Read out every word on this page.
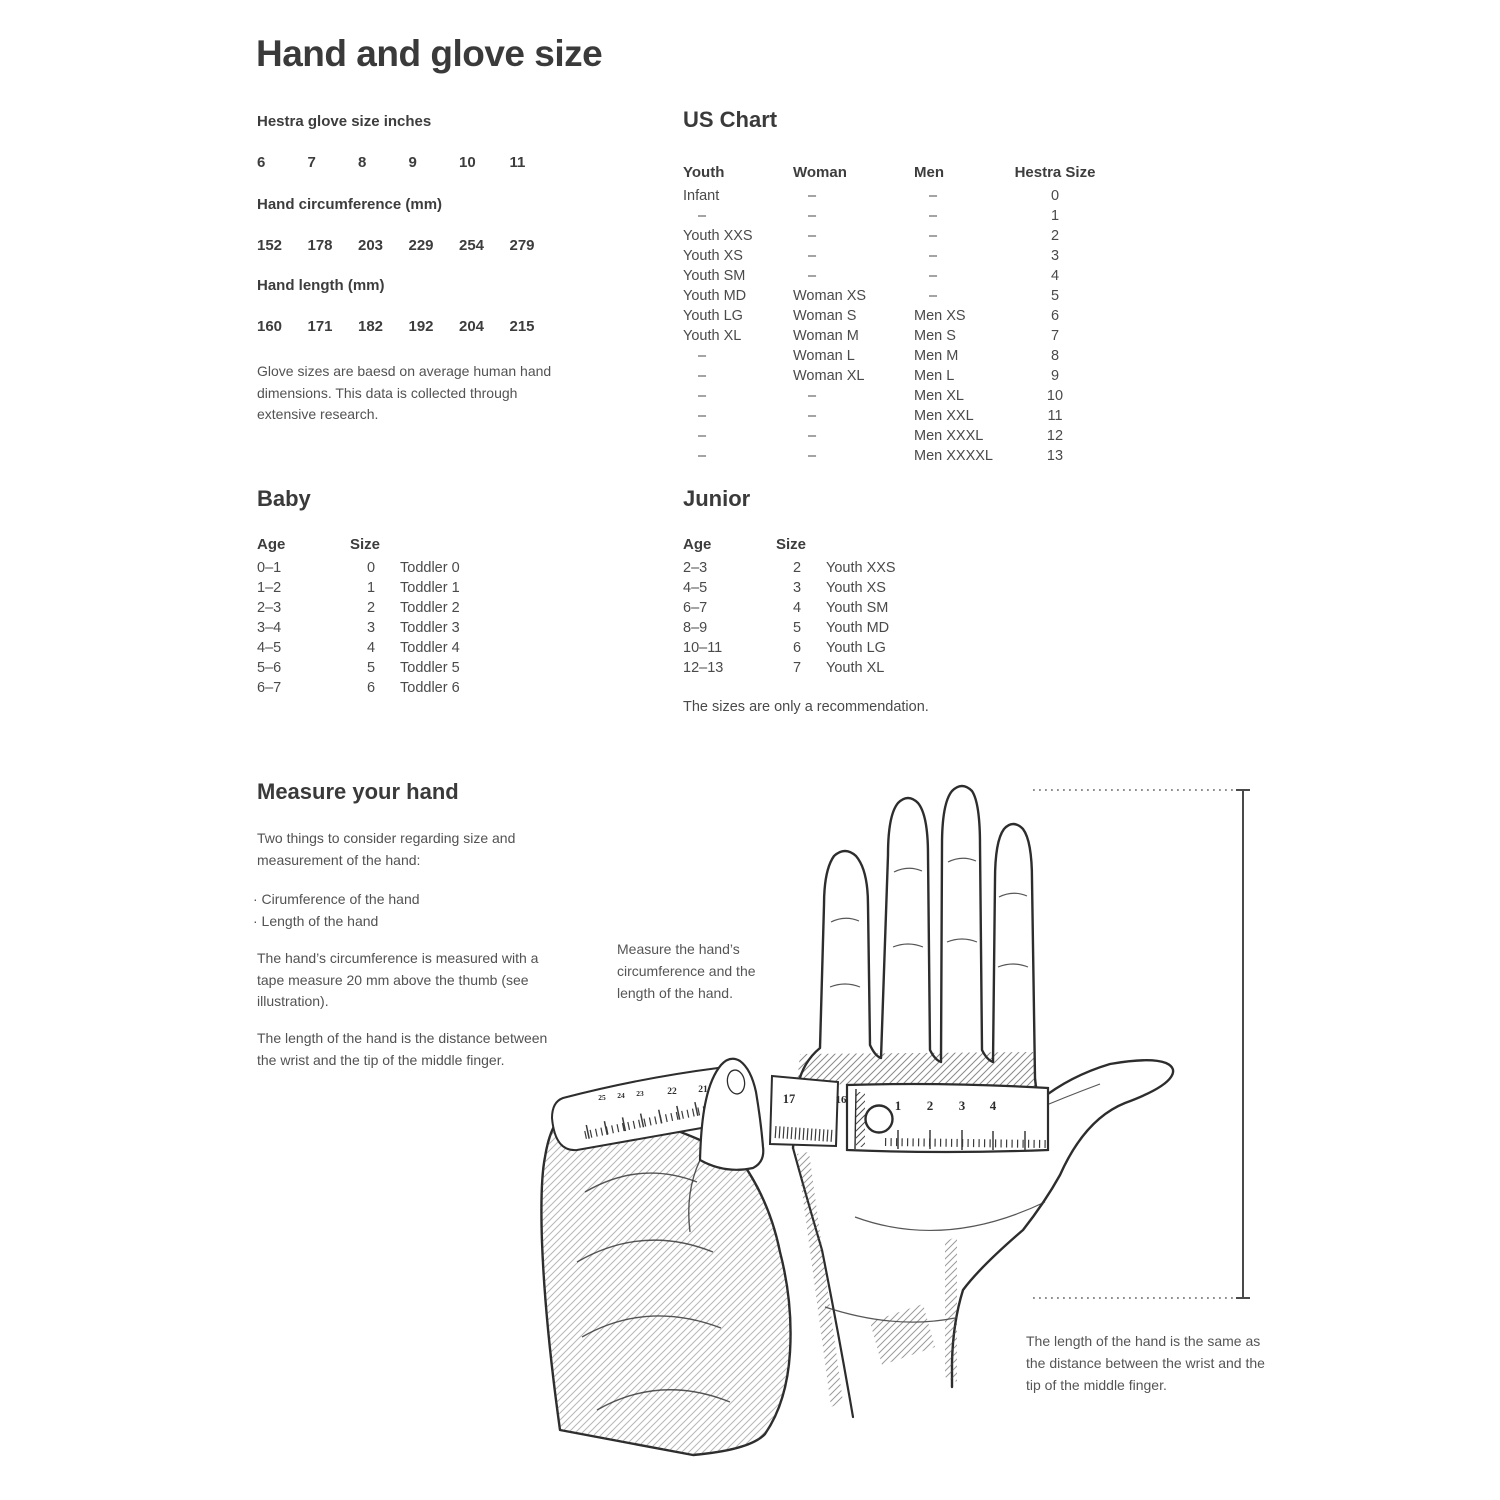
Hand and glove size
Hestra glove size inches
6	7	8	9	10	11
Hand circumference (mm)
152	178	203	229	254	279
Hand length (mm)
160	171	182	192	204	215
Glove sizes are baesd on average human hand dimensions. This data is collected through extensive research.
US Chart
Youth	Woman	Men	Hestra Size
Infant	–	–	0
–	–	–	1
Youth XXS	–	–	2
Youth XS	–	–	3
Youth SM	–	–	4
Youth MD	Woman XS	–	5
Youth LG	Woman S	Men XS	6
Youth XL	Woman M	Men S	7
–	Woman L	Men M	8
–	Woman XL	Men L	9
–	–	Men XL	10
–	–	Men XXL	11
–	–	Men XXXL	12
–	–	Men XXXXL	13
Baby
Age	Size	
0–1	0	Toddler 0
1–2	1	Toddler 1
2–3	2	Toddler 2
3–4	3	Toddler 3
4–5	4	Toddler 4
5–6	5	Toddler 5
6–7	6	Toddler 6
Junior
Age	Size	
2–3	2	Youth XXS
4–5	3	Youth XS
6–7	4	Youth SM
8–9	5	Youth MD
10–11	6	Youth LG
12–13	7	Youth XL
The sizes are only a recommendation.
Measure your hand
Two things to consider regarding size and measurement of the hand:
· Cirumference of the hand
· Length of the hand
The hand’s circumference is measured with a tape measure 20 mm above the thumb (see illustration).
The length of the hand is the distance between the wrist and the tip of the middle finger.
Measure the hand’s circumference and the length of the hand.
The length of the hand is the same as the distance between the wrist and the tip of the middle finger.
25 24 23 22 21
17	16	1 2 3 4
